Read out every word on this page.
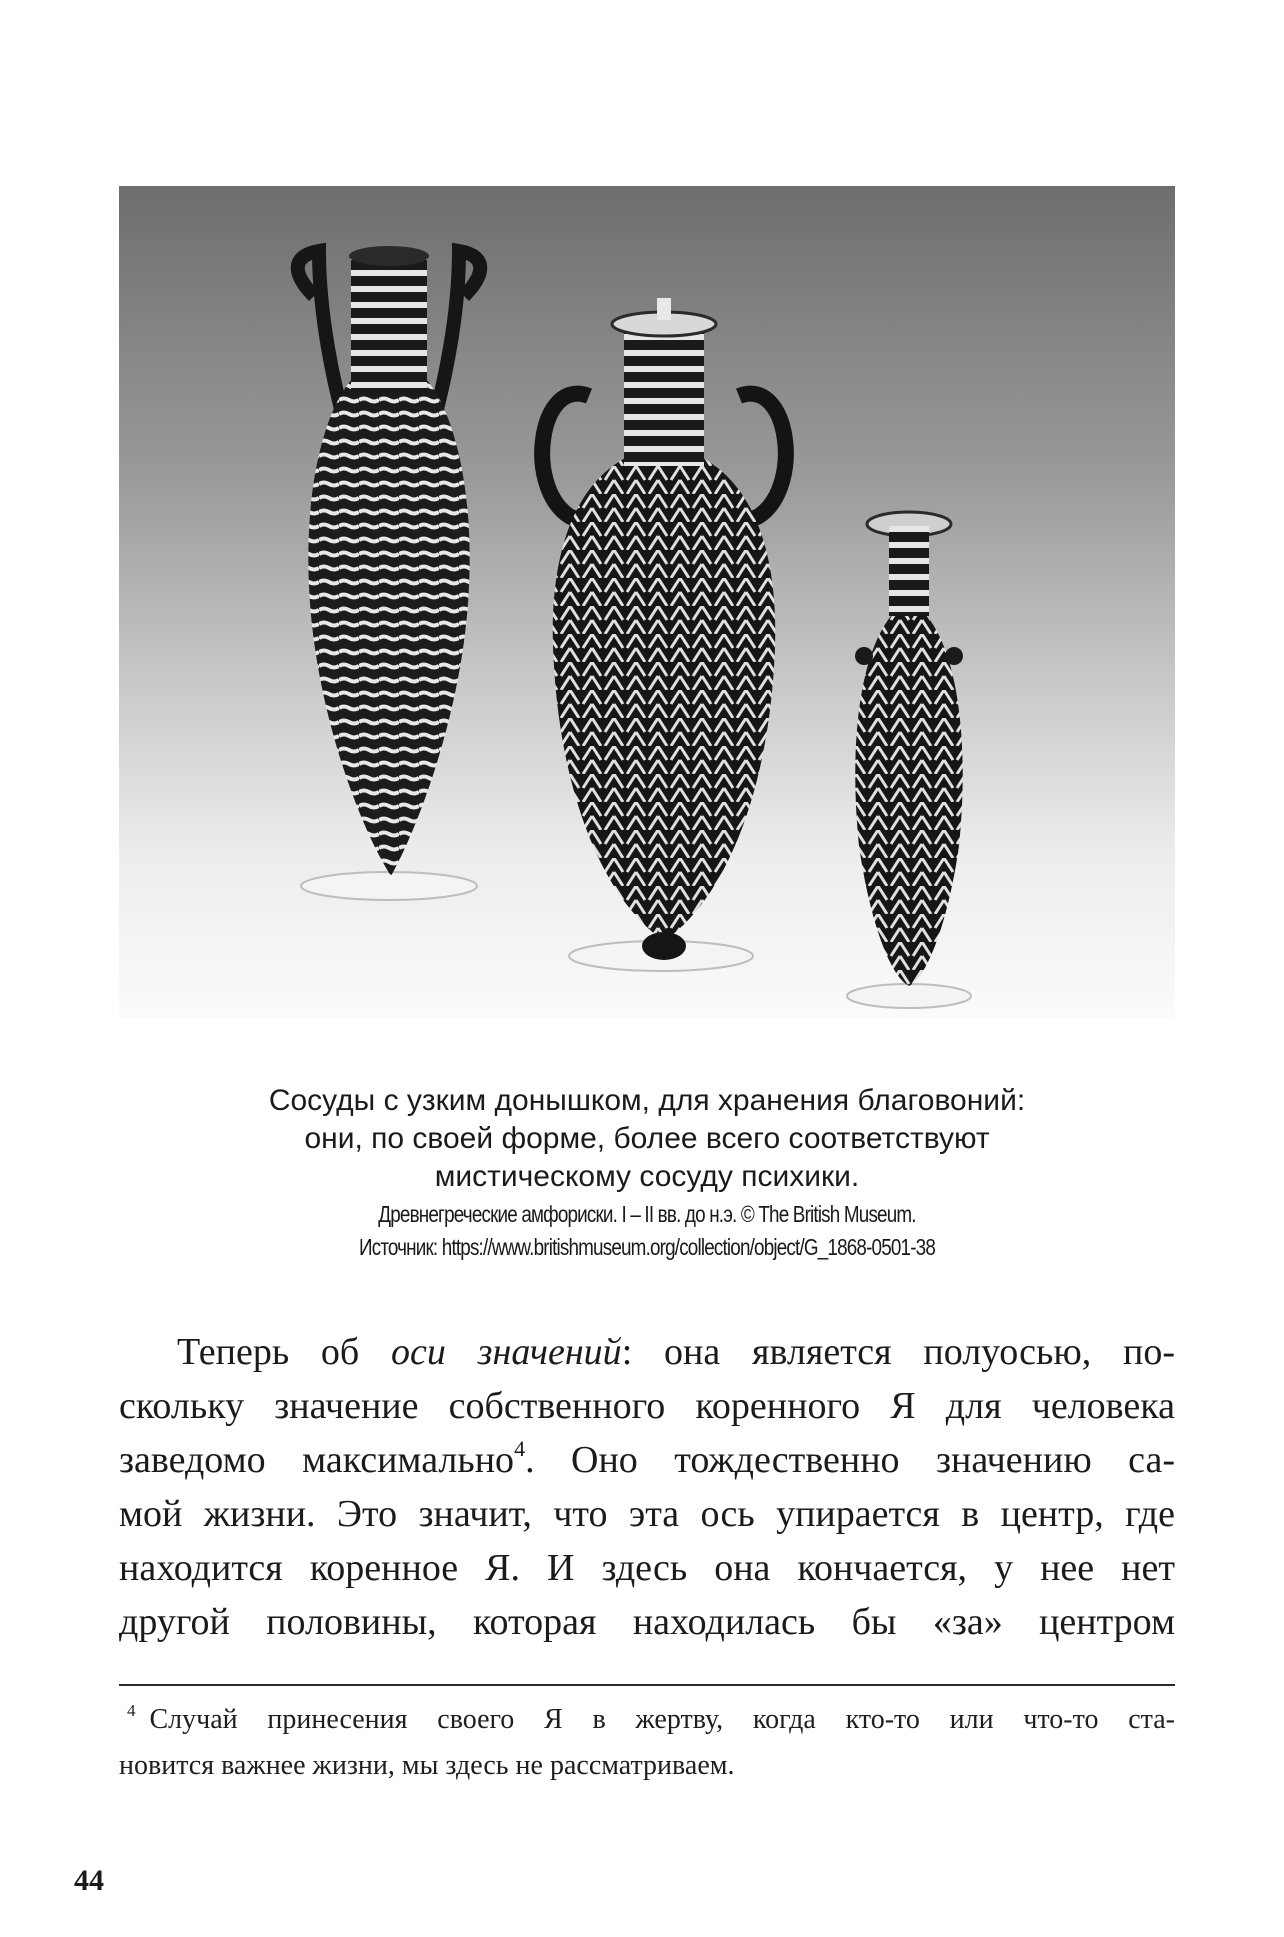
Сосуды с узким донышком, для хранения благовоний:
они, по своей форме, более всего соответствуют
мистическому сосуду психики.
Древнегреческие амфориски. I – II вв. до н.э. © The British Museum.
Источник: https://www.britishmuseum.org/collection/object/G_1868-0501-38
Теперь об оси значений: она является полуосью, по-
скольку значение собственного коренного Я для человека
заведомо максимально$^4$. Оно тождественно значению са-
мой жизни. Это значит, что эта ось упирается в центр, где
находится коренное Я. И здесь она кончается, у нее нет
другой половины, которая находилась бы «за» центром
$^4$ Случай принесения своего Я в жертву, когда кто-то или что-то ста-
новится важнее жизни, мы здесь не рассматриваем.
44
